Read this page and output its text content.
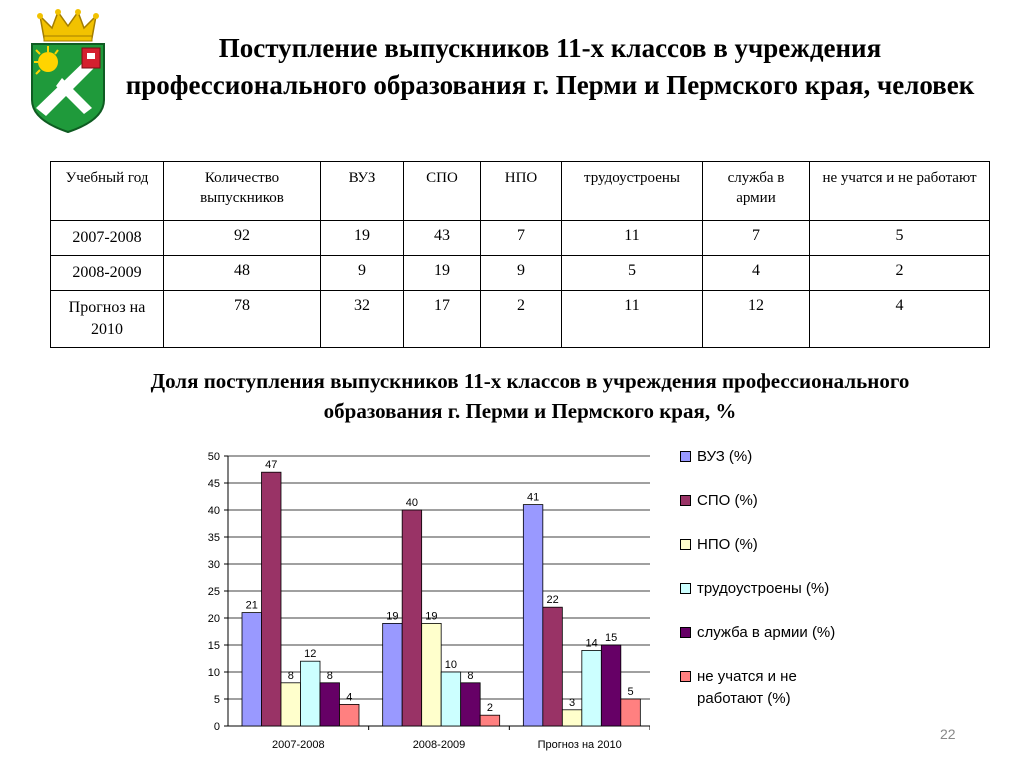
Поступление выпускников 11-х классов в учреждения профессионального образования г. Перми и Пермского края, человек
Учебный год	Количество выпускников	ВУЗ	СПО	НПО	трудоустроены	служба в армии	не учатся и не работают
2007-2008	92	19	43	7	11	7	5
2008-2009	48	9	19	9	5	4	2
Прогноз на 2010	78	32	17	2	11	12	4
Доля поступления выпускников 11-х классов в учреждения профессионального образования г. Перми и Пермского края, %
0
5
10
15
20
25
30
35
40
45
50
21
47
8
12
8
4
2007-2008
19
40
19
10
8
2
2008-2009
41
22
3
14 15
5
Прогноз на 2010
ВУЗ (%)
СПО (%)
НПО (%)
трудоустроены (%)
служба в армии (%)
не учатся и не работают (%)
22
